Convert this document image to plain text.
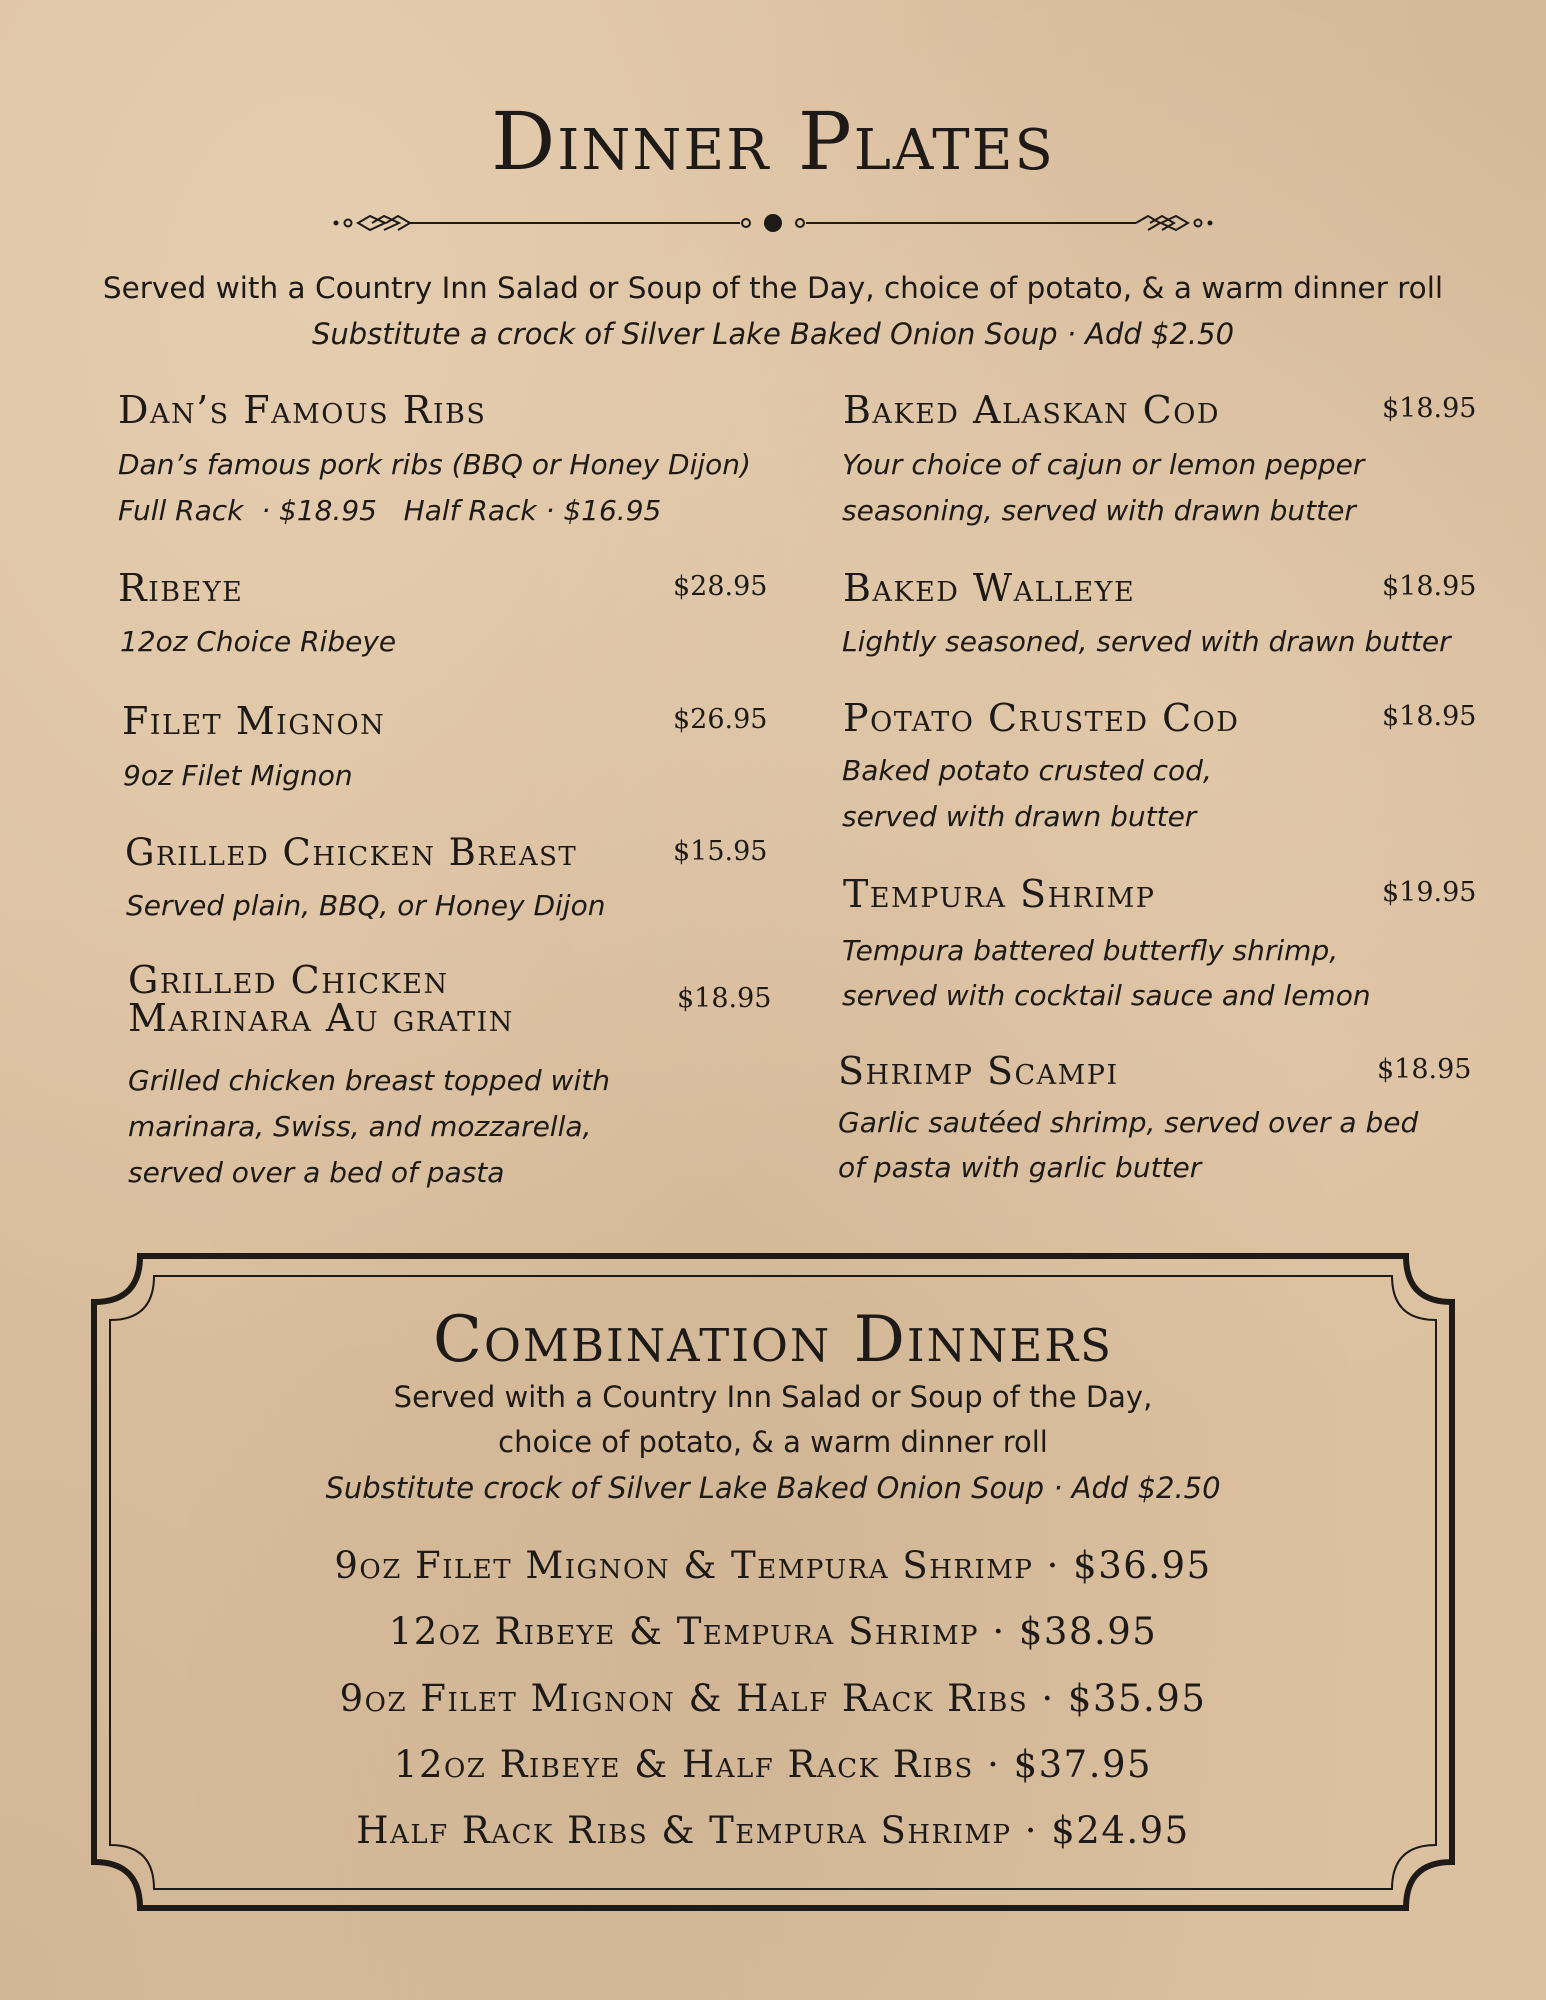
Dinner Plates
Served with a Country Inn Salad or Soup of the Day, choice of potato, & a warm dinner roll
Substitute a crock of Silver Lake Baked Onion Soup · Add $2.50
Dan’s Famous Ribs
Dan’s famous pork ribs (BBQ or Honey Dijon)
Full Rack  · $18.95   Half Rack · $16.95
Ribeye	$28.95
12oz Choice Ribeye
Filet Mignon	$26.95
9oz Filet Mignon
Grilled Chicken Breast	$15.95
Served plain, BBQ, or Honey Dijon
Grilled Chicken
Marinara Au gratin	$18.95
Grilled chicken breast topped with
marinara, Swiss, and mozzarella,
served over a bed of pasta
Baked Alaskan Cod	$18.95
Your choice of cajun or lemon pepper
seasoning, served with drawn butter
Baked Walleye	$18.95
Lightly seasoned, served with drawn butter
Potato Crusted Cod	$18.95
Baked potato crusted cod,
served with drawn butter
Tempura Shrimp	$19.95
Tempura battered butterfly shrimp,
served with cocktail sauce and lemon
Shrimp Scampi	$18.95
Garlic sautéed shrimp, served over a bed
of pasta with garlic butter
Combination Dinners
Served with a Country Inn Salad or Soup of the Day,
choice of potato, & a warm dinner roll
Substitute crock of Silver Lake Baked Onion Soup · Add $2.50
9oz Filet Mignon & Tempura Shrimp · $36.95
12oz Ribeye & Tempura Shrimp · $38.95
9oz Filet Mignon & Half Rack Ribs · $35.95
12oz Ribeye & Half Rack Ribs · $37.95
Half Rack Ribs & Tempura Shrimp · $24.95
